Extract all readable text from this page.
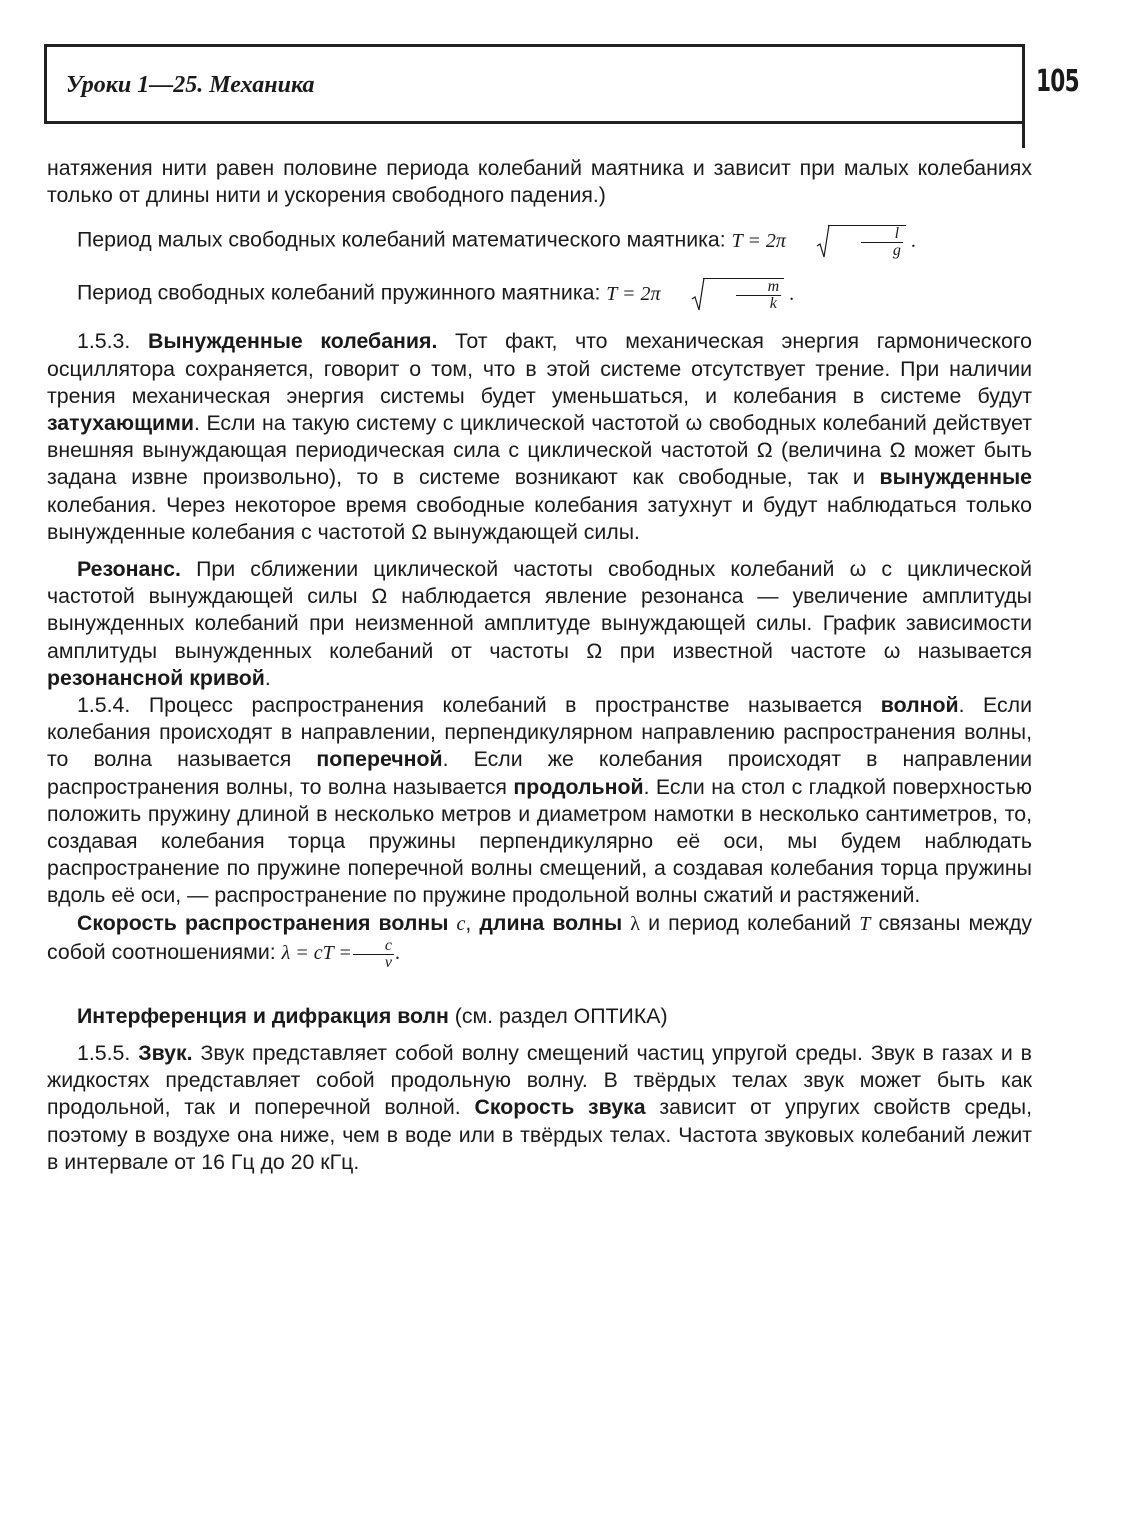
Уроки 1—25. Механика	105

натяжения нити равен половине периода колебаний маятника и зависит при малых колебаниях только от длины нити и ускорения свободного падения.)

Период малых свободных колебаний математического маятника: T = 2π	$\frac{l}{g}$ .

Период свободных колебаний пружинного маятника: T = 2π	$\frac{m}{k}$ .

1.5.3. Вынужденные колебания. Тот факт, что механическая энергия гармонического осциллятора сохраняется, говорит о том, что в этой системе отсутствует трение. При наличии трения механическая энергия системы будет уменьшаться, и колебания в системе будут затухающими. Если на такую систему с циклической частотой ω свободных колебаний действует внешняя вынуждающая периодическая сила с циклической частотой Ω (величина Ω может быть задана извне произвольно), то в системе возникают как свободные, так и вынужденные колебания. Через некоторое время свободные колебания затухнут и будут наблюдаться только вынужденные колебания с частотой Ω вынуждающей силы.

Резонанс. При сближении циклической частоты свободных колебаний ω с циклической частотой вынуждающей силы Ω наблюдается явление резонанса — увеличение амплитуды вынужденных колебаний при неизменной амплитуде вынуждающей силы. График зависимости амплитуды вынужденных колебаний от частоты Ω при известной частоте ω называется резонансной кривой.

1.5.4. Процесс распространения колебаний в пространстве называется волной. Если колебания происходят в направлении, перпендикулярном направлению распространения волны, то волна называется поперечной. Если же колебания происходят в направлении распространения волны, то волна называется продольной. Если на стол с гладкой поверхностью положить пружину длиной в несколько метров и диаметром намотки в несколько сантиметров, то, создавая колебания торца пружины перпендикулярно её оси, мы будем наблюдать распространение по пружине поперечной волны смещений, а создавая колебания торца пружины вдоль её оси, — распространение по пружине продольной волны сжатий и растяжений.

Скорость распространения волны c, длина волны λ и период колебаний T связаны между собой соотношениями: λ = cT = $\frac{c}{\nu}$ .

Интерференция и дифракция волн (см. раздел ОПТИКА)

1.5.5. Звук. Звук представляет собой волну смещений частиц упругой среды. Звук в газах и в жидкостях представляет собой продольную волну. В твёрдых телах звук может быть как продольной, так и поперечной волной. Скорость звука зависит от упругих свойств среды, поэтому в воздухе она ниже, чем в воде или в твёрдых телах. Частота звуковых колебаний лежит в интервале от 16 Гц до 20 кГц.
